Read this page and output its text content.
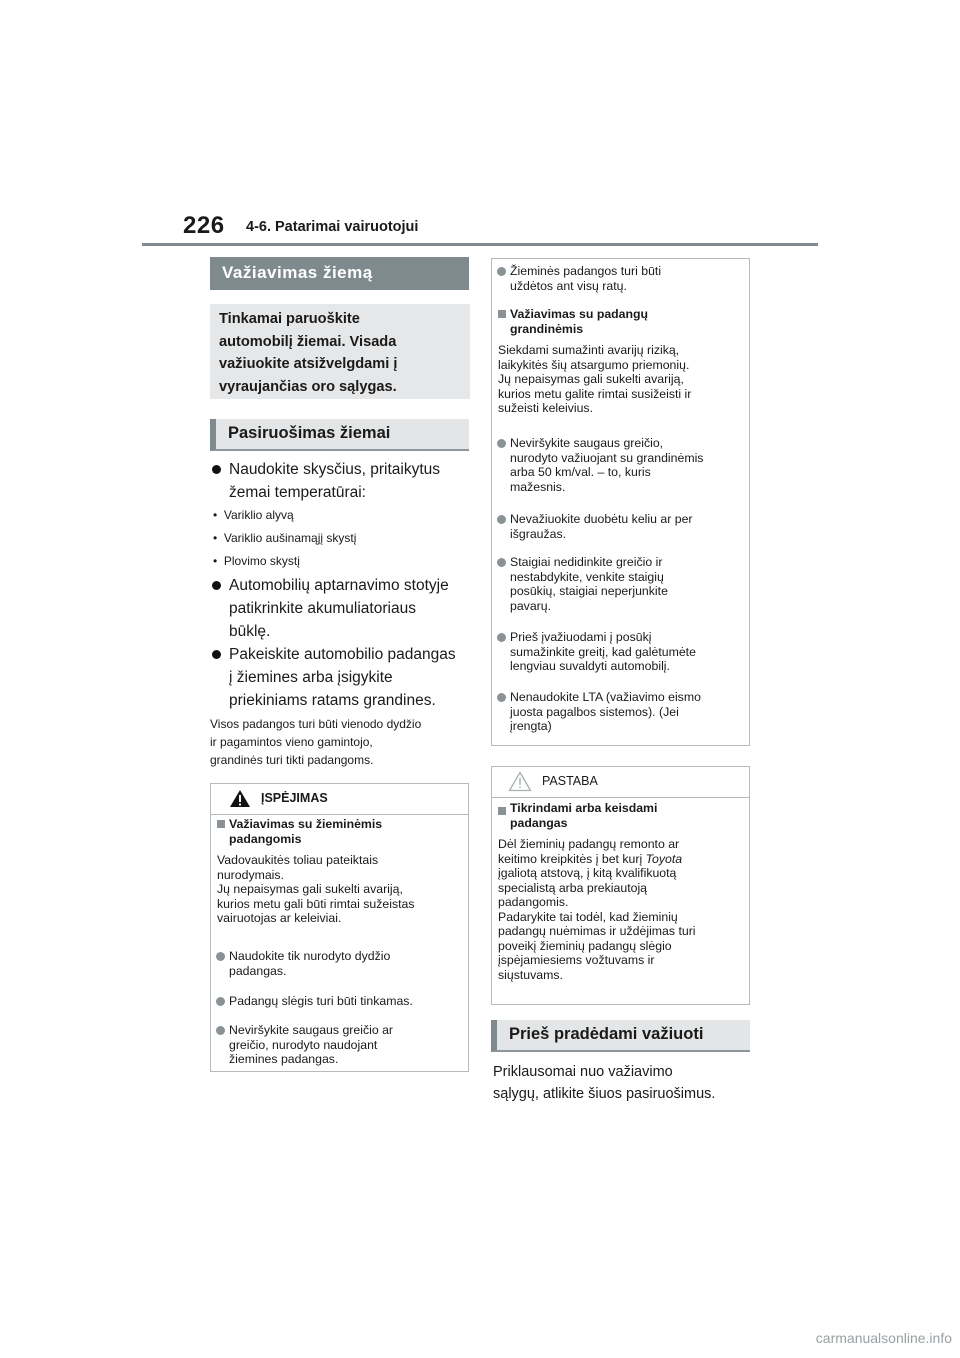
226 4-6. Patarimai vairuotojui
Važiavimas žiemą
Tinkamai paruoškite
automobilį žiemai. Visada
važiuokite atsižvelgdami į
vyraujančias oro sąlygas.
Pasiruošimas žiemai
Naudokite skysčius, pritaikytus
žemai temperatūrai:
•  Variklio alyvą
•  Variklio aušinamąjį skystį
•  Plovimo skystį
Automobilių aptarnavimo stotyje
patikrinkite akumuliatoriaus
būklę.
Pakeiskite automobilio padangas
į žiemines arba įsigykite
priekiniams ratams grandines.
Visos padangos turi būti vienodo dydžio
ir pagamintos vieno gamintojo,
grandinės turi tikti padangoms.
ĮSPĖJIMAS
Važiavimas su žieminėmis
padangomis
Vadovaukitės toliau pateiktais
nurodymais.
Jų nepaisymas gali sukelti avariją,
kurios metu gali būti rimtai sužeistas
vairuotojas ar keleiviai.
Naudokite tik nurodyto dydžio
padangas.
Padangų slėgis turi būti tinkamas.
Neviršykite saugaus greičio ar
greičio, nurodyto naudojant
žiemines padangas.
Žieminės padangos turi būti
uždėtos ant visų ratų.
Važiavimas su padangų
grandinėmis
Siekdami sumažinti avarijų riziką,
laikykitės šių atsargumo priemonių.
Jų nepaisymas gali sukelti avariją,
kurios metu galite rimtai susižeisti ir
sužeisti keleivius.
Neviršykite saugaus greičio,
nurodyto važiuojant su grandinėmis
arba 50 km/val. – to, kuris
mažesnis.
Nevažiuokite duobėtu keliu ar per
išgraužas.
Staigiai nedidinkite greičio ir
nestabdykite, venkite staigių
posūkių, staigiai neperjunkite
pavarų.
Prieš įvažiuodami į posūkį
sumažinkite greitį, kad galėtumėte
lengviau suvaldyti automobilį.
Nenaudokite LTA (važiavimo eismo
juosta pagalbos sistemos). (Jei
įrengta)
PASTABA
Tikrindami arba keisdami
padangas
Dėl žieminių padangų remonto ar
keitimo kreipkitės į bet kurį Toyota
įgaliotą atstovą, į kitą kvalifikuotą
specialistą arba prekiautoją
padangomis.
Padarykite tai todėl, kad žieminių
padangų nuėmimas ir uždėjimas turi
poveikį žieminių padangų slėgio
įspėjamiesiems vožtuvams ir
siųstuvams.
Prieš pradėdami važiuoti
Priklausomai nuo važiavimo
sąlygų, atlikite šiuos pasiruošimus.
carmanualsonline.info
